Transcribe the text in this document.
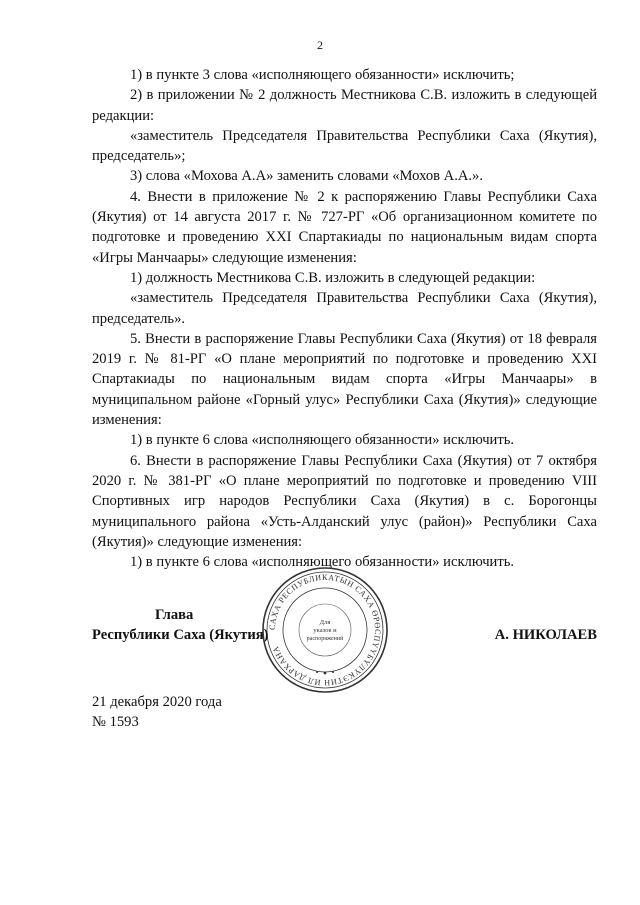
2

1) в пункте 3 слова «исполняющего обязанности» исключить;

2) в приложении № 2 должность Местникова С.В. изложить в следующей редакции:

«заместитель Председателя Правительства Республики Саха (Якутия), председатель»;

3) слова «Мохова А.А» заменить словами «Мохов А.А.».

4. Внести в приложение № 2 к распоряжению Главы Республики Саха (Якутия) от 14 августа 2017 г. № 727-РГ «Об организационном комитете по подготовке и проведению XXI Спартакиады по национальным видам спорта «Игры Манчаары» следующие изменения:

1) должность Местникова С.В. изложить в следующей редакции:

«заместитель Председателя Правительства Республики Саха (Якутия), председатель».

5. Внести в распоряжение Главы Республики Саха (Якутия) от 18 февраля 2019 г. № 81-РГ «О плане мероприятий по подготовке и проведению XXI Спартакиады по национальным видам спорта «Игры Манчаары» в муниципальном районе «Горный улус» Республики Саха (Якутия)» следующие изменения:

1) в пункте 6 слова «исполняющего обязанности» исключить.

6. Внести в распоряжение Главы Республики Саха (Якутия) от 7 октября 2020 г. № 381-РГ «О плане мероприятий по подготовке и проведению VIII Спортивных игр народов Республики Саха (Якутия) в с. Борогонцы муниципального района «Усть-Алданский улус (район)» Республики Саха (Якутия)» следующие изменения:

1) в пункте 6 слова «исполняющего обязанности» исключить.

Глава
Республики Саха (Якутия)	А. НИКОЛАЕВ
САХА РЕСПУБЛИКАТЫН САХА ӨРӨСПҮҮБҮЛҮКЭТИН ИЛ ДАРХАНА
Для
указов и
распоряжений
21 декабря 2020 года
№ 1593
